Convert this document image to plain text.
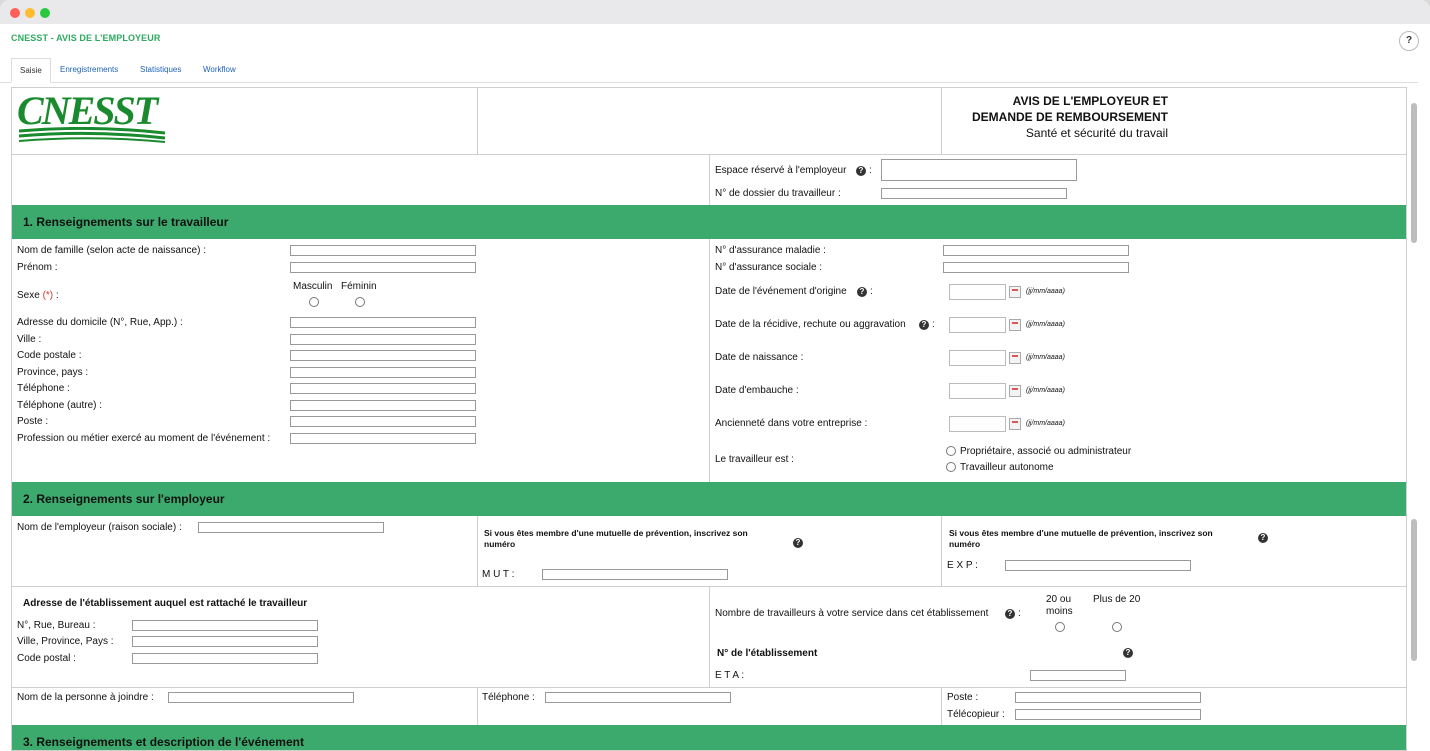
CNESST - AVIS DE L'EMPLOYEUR	?
Saisie	Enregistrements	Statistiques	Workflow
CNESST	AVIS DE L'EMPLOYEUR ET
DEMANDE DE REMBOURSEMENT
Santé et sécurité du travail
Espace réservé à l'employeur	? :
N° de dossier du travailleur :
1. Renseignements sur le travailleur
Nom de famille (selon acte de naissance) :
Prénom :
Sexe (*) :
Masculin Féminin
Adresse du domicile (N°, Rue, App.) :
Ville :
Code postale :
Province, pays :
Téléphone :
Téléphone (autre) :
Poste :
Profession ou métier exercé au moment de l'événement :
N° d'assurance maladie :
N° d'assurance sociale :
Date de l'événement d'origine	? :	(jj/mm/aaaa)
Date de la récidive, rechute ou aggravation	? :	(jj/mm/aaaa)
Date de naissance :	(jj/mm/aaaa)
Date d'embauche :	(jj/mm/aaaa)
Ancienneté dans votre entreprise :	(jj/mm/aaaa)
Le travailleur est :
Propriétaire, associé ou administrateur
Travailleur autonome
2. Renseignements sur l'employeur
Nom de l'employeur (raison sociale) :	Si vous êtes membre d'une mutuelle de prévention, inscrivez son numéro	?
M U T :
Si vous êtes membre d'une mutuelle de prévention, inscrivez son numéro
?
E X P :
Adresse de l'établissement auquel est rattaché le travailleur
N°, Rue, Bureau :
Ville, Province, Pays :
Code postal :
Nombre de travailleurs à votre service dans cet établissement	? :
20 ou
moins
Plus de 20
N° de l'établissement	?
E T A :
Nom de la personne à joindre :	Téléphone :	Poste :
Télécopieur :
3. Renseignements et description de l'événement
